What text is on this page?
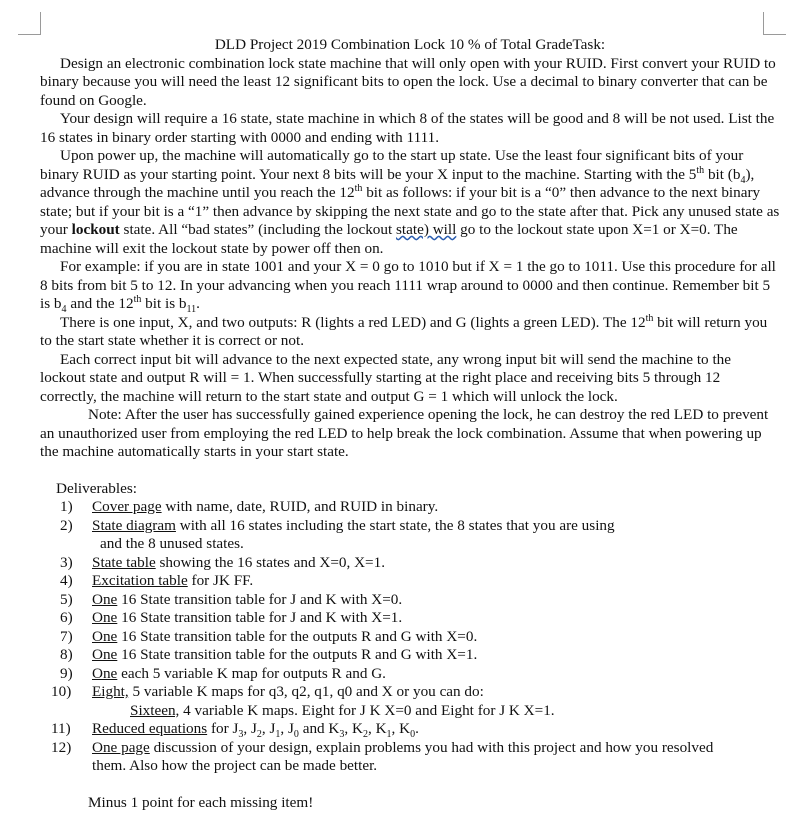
DLD Project 2019 Combination Lock 10 % of Total GradeTask:

Design an electronic combination lock state machine that will only open with your RUID. First convert your RUID to binary because you will need the least 12 significant bits to open the lock. Use a decimal to binary converter that can be found on Google.

Your design will require a 16 state, state machine in which 8 of the states will be good and 8 will be not used. List the 16 states in binary order starting with 0000 and ending with 1111.

Upon power up, the machine will automatically go to the start up state. Use the least four significant bits of your binary RUID as your starting point. Your next 8 bits will be your X input to the machine. Starting with the 5th bit $(b_4)$, advance through the machine until you reach the 12th bit as follows: if your bit is a “0” then advance to the next binary state; but if your bit is a “1” then advance by skipping the next state and go to the state after that. Pick any unused state as your lockout state. All “bad states” (including the lockout state) will go to the lockout state upon X=1 or X=0. The machine will exit the lockout state by power off then on.

For example: if you are in state 1001 and your X = 0 go to 1010 but if X = 1 the go to 1011. Use this procedure for all 8 bits from bit 5 to 12. In your advancing when you reach 1111 wrap around to 0000 and then continue. Remember bit 5 is $b_4$ and the 12th bit is $b_{11}$.

There is one input, X, and two outputs: R (lights a red LED) and G (lights a green LED). The 12th bit will return you to the start state whether it is correct or not.

Each correct input bit will advance to the next expected state, any wrong input bit will send the machine to the lockout state and output R will = 1. When successfully starting at the right place and receiving bits 5 through 12 correctly, the machine will return to the start state and output G = 1 which will unlock the lock.

Note: After the user has successfully gained experience opening the lock, he can destroy the red LED to prevent an unauthorized user from employing the red LED to help break the lock combination. Assume that when powering up the machine automatically starts in your start state.

Deliverables:

1) Cover page with name, date, RUID, and RUID in binary.
2) State diagram with all 16 states including the start state, the 8 states that you are using
and the 8 unused states.
3) State table showing the 16 states and X=0, X=1.
4) Excitation table for JK FF.
5) One 16 State transition table for J and K with X=0.
6) One 16 State transition table for J and K with X=1.
7) One 16 State transition table for the outputs R and G with X=0.
8) One 16 State transition table for the outputs R and G with X=1.
9) One each 5 variable K map for outputs R and G.
10) Eight, 5 variable K maps for q3, q2, q1, q0 and X or you can do:
Sixteen, 4 variable K maps. Eight for J K X=0 and Eight for J K X=1.
11) Reduced equations for $J_3$, $J_2$, $J_1$, $J_0$ and $K_3$, $K_2$, $K_1$, $K_0$.
12) One page discussion of your design, explain problems you had with this project and how you resolved
them. Also how the project can be made better.

Minus 1 point for each missing item!
